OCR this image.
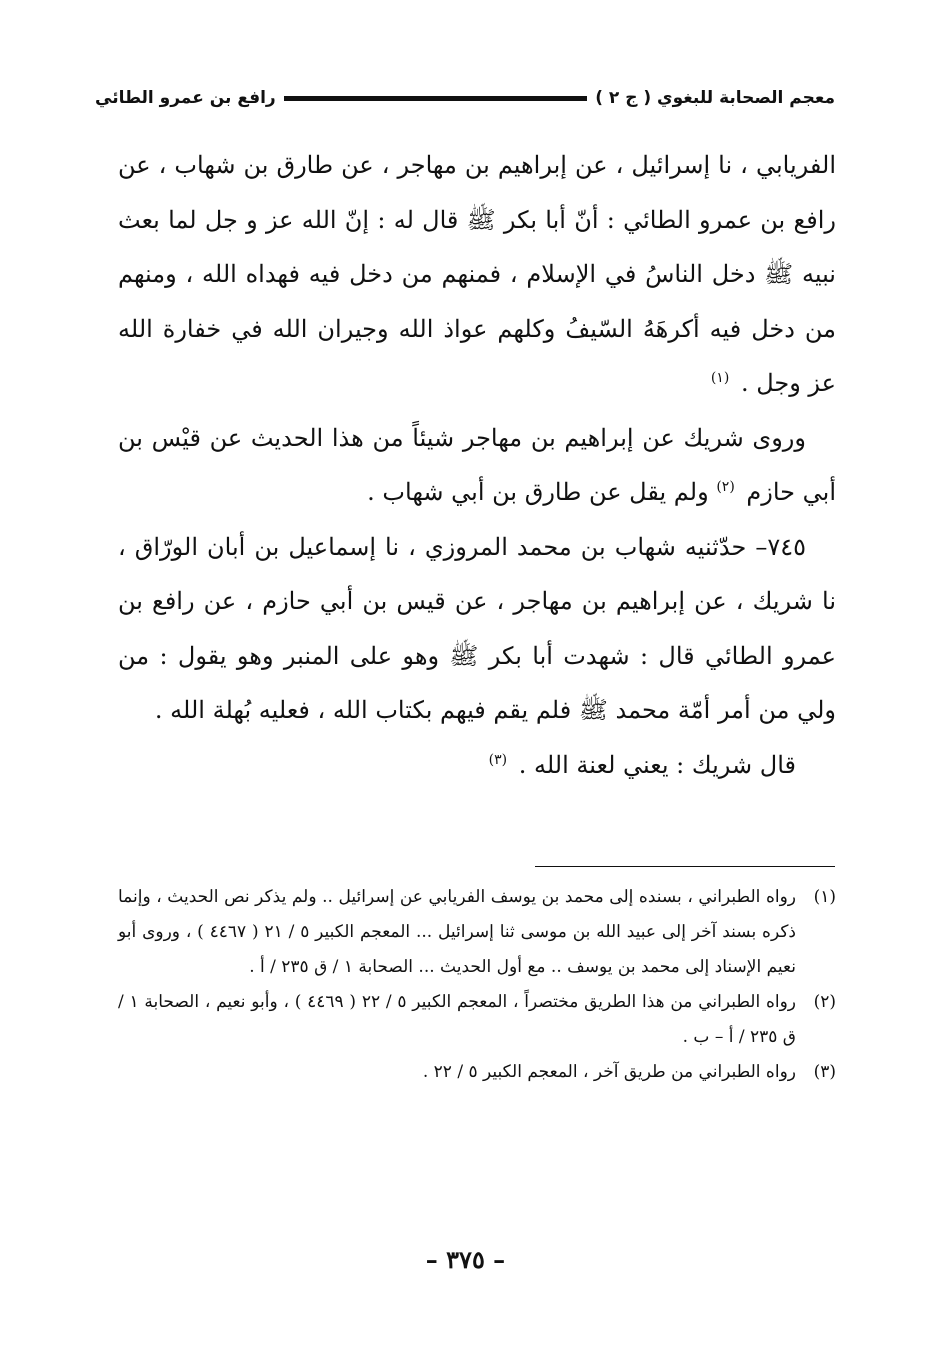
معجم الصحابة للبغوي ( ج ٢ )
رافع بن عمرو الطائي

الفريابي ، نا إسرائيل ، عن إبراهيم بن مهاجر ، عن طارق بن شهاب ، عن رافع بن عمرو الطائي : أنّ أبا بكر ﷺ قال له : إنّ الله عز و جل لما بعث نبيه ﷺ دخل الناسُ في الإسلام ، فمنهم من دخل فيه فهداه الله ، ومنهم من دخل فيه أكرهَهُ السّيفُ وكلهم عواذ الله وجيران الله في خفارة الله عز وجل . $^{(١)}$

وروى شريك عن إبراهيم بن مهاجر شيئاً من هذا الحديث عن قيْس بن أبي حازم $^{(٢)}$ ولم يقل عن طارق بن أبي شهاب .

٧٤٥– حدّثنيه شهاب بن محمد المروزي ، نا إسماعيل بن أبان الورّاق ، نا شريك ، عن إبراهيم بن مهاجر ، عن قيس بن أبي حازم ، عن رافع بن عمرو الطائي قال : شهدت أبا بكر ﷺ وهو على المنبر وهو يقول : من ولي من أمر أمّة محمد ﷺ فلم يقم فيهم بكتاب الله ، فعليه بُهلة الله .

قال شريك : يعني لعنة الله . $^{(٣)}$

(١)
رواه الطبراني ، بسنده إلى محمد بن يوسف الفريابي عن إسرائيل .. ولم يذكر نص الحديث ، وإنما ذكره بسند آخر إلى عبيد الله بن موسى ثنا إسرائيل ... المعجم الكبير ٥ / ٢١ ( ٤٤٦٧ ) ، وروى أبو نعيم الإسناد إلى محمد بن يوسف .. مع أول الحديث ... الصحابة ١ / ق ٢٣٥ / أ .

(٢)
رواه الطبراني من هذا الطريق مختصراً ، المعجم الكبير ٥ / ٢٢ ( ٤٤٦٩ ) ، وأبو نعيم ، الصحابة ١ / ق ٢٣٥ / أ – ب .

(٣)
رواه الطبراني من طريق آخر ، المعجم الكبير ٥ / ٢٢ .

– ٣٧٥ –
